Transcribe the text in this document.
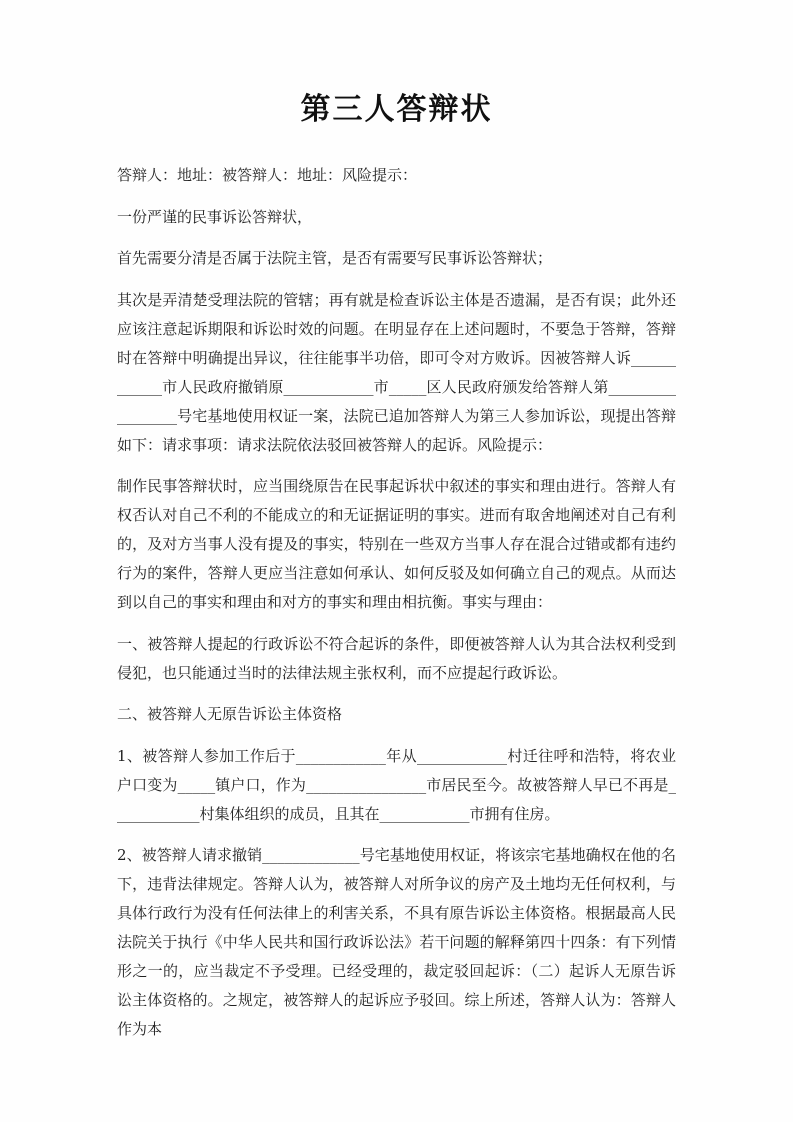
第三人答辩状

答辩人：地址：被答辩人：地址：风险提示：

一份严谨的民事诉讼答辩状，

首先需要分清是否属于法院主管，是否有需要写民事诉讼答辩状；

其次是弄清楚受理法院的管辖；再有就是检查诉讼主体是否遗漏，是否有误；此外还应该注意起诉期限和诉讼时效的问题。在明显存在上述问题时，不要急于答辩，答辩时在答辩中明确提出异议，往往能事半功倍，即可令对方败诉。因被答辩人诉____________市人民政府撤销原____________市_____区人民政府颁发给答辩人第_________________号宅基地使用权证一案，法院已追加答辩人为第三人参加诉讼，现提出答辩如下：请求事项：请求法院依法驳回被答辩人的起诉。风险提示：

制作民事答辩状时，应当围绕原告在民事起诉状中叙述的事实和理由进行。答辩人有权否认对自己不利的不能成立的和无证据证明的事实。进而有取舍地阐述对自己有利的，及对方当事人没有提及的事实，特别在一些双方当事人存在混合过错或都有违约行为的案件，答辩人更应当注意如何承认、如何反驳及如何确立自己的观点。从而达到以自己的事实和理由和对方的事实和理由相抗衡。事实与理由：

一、被答辩人提起的行政诉讼不符合起诉的条件，即便被答辩人认为其合法权利受到侵犯，也只能通过当时的法律法规主张权利，而不应提起行政诉讼。

二、被答辩人无原告诉讼主体资格

1、被答辩人参加工作后于____________年从____________村迁往呼和浩特，将农业户口变为_____镇户口，作为________________市居民至今。故被答辩人早已不再是____________村集体组织的成员，且其在____________市拥有住房。

2、被答辩人请求撤销_____________号宅基地使用权证，将该宗宅基地确权在他的名下，违背法律规定。答辩人认为，被答辩人对所争议的房产及土地均无任何权利，与具体行政行为没有任何法律上的利害关系，不具有原告诉讼主体资格。根据最高人民法院关于执行《中华人民共和国行政诉讼法》若干问题的解释第四十四条：有下列情形之一的，应当裁定不予受理。已经受理的，裁定驳回起诉：（二）起诉人无原告诉讼主体资格的。之规定，被答辩人的起诉应予驳回。综上所述，答辩人认为：答辩人作为本
